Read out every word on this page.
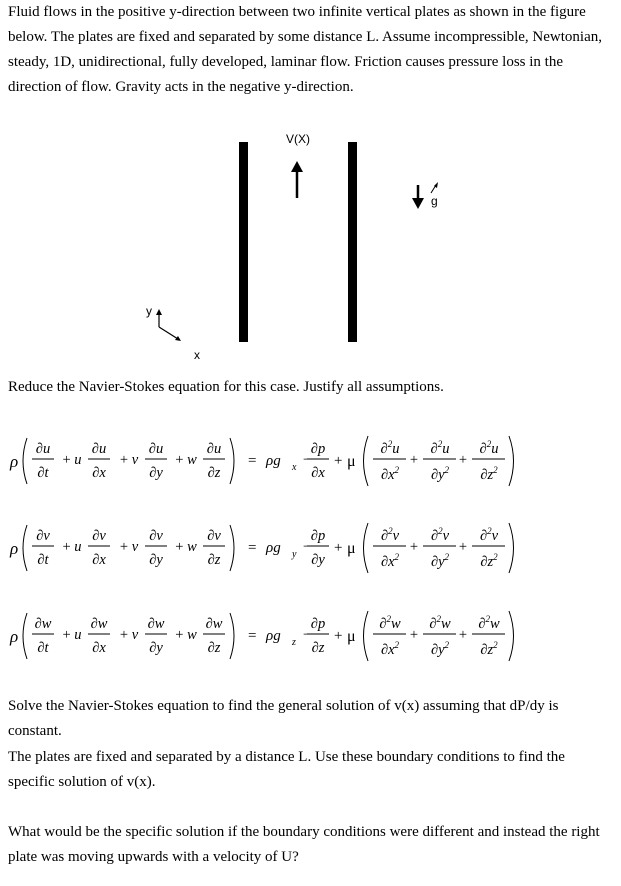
Fluid flows in the positive y-direction between two infinite vertical plates as shown in the figure below. The plates are fixed and separated by some distance L. Assume incompressible, Newtonian, steady, 1D, unidirectional, fully developed, laminar flow. Friction causes pressure loss in the direction of flow. Gravity acts in the negative y-direction.
V(X)
g
y
x
Reduce the Navier-Stokes equation for this case. Justify all assumptions.
ρ
∂u
∂t
+ u
∂u
∂x
+ v
∂u
∂y
+ w
∂u
∂z
= ρg x −
∂p
∂x
+ μ
∂$^2$u
$\partial x^2$
+
∂$^2$u
$\partial y^2$
+
∂$^2$u
$\partial z^2$
ρ
∂v
∂t
+ u
∂v
∂x
+ v
∂v
∂y
+ w
∂v
∂z
= ρg y −
∂p
∂y
+ μ
∂$^2$v
$\partial x^2$
+
∂$^2$v
$\partial y^2$
+
∂$^2$v
$\partial z^2$
ρ
∂w
∂t
+ u
∂w
∂x
+ v
∂w
∂y
+ w
∂w
∂z
= ρg z −
∂p
∂z
+ μ
∂$^2$w
$\partial x^2$
+
∂$^2$w
$\partial y^2$
+
∂$^2$w
$\partial z^2$
Solve the Navier-Stokes equation to find the general solution of v(x) assuming that dP/dy is constant.
The plates are fixed and separated by a distance L. Use these boundary conditions to find the specific solution of v(x).
What would be the specific solution if the boundary conditions were different and instead the right plate was moving upwards with a velocity of U?
